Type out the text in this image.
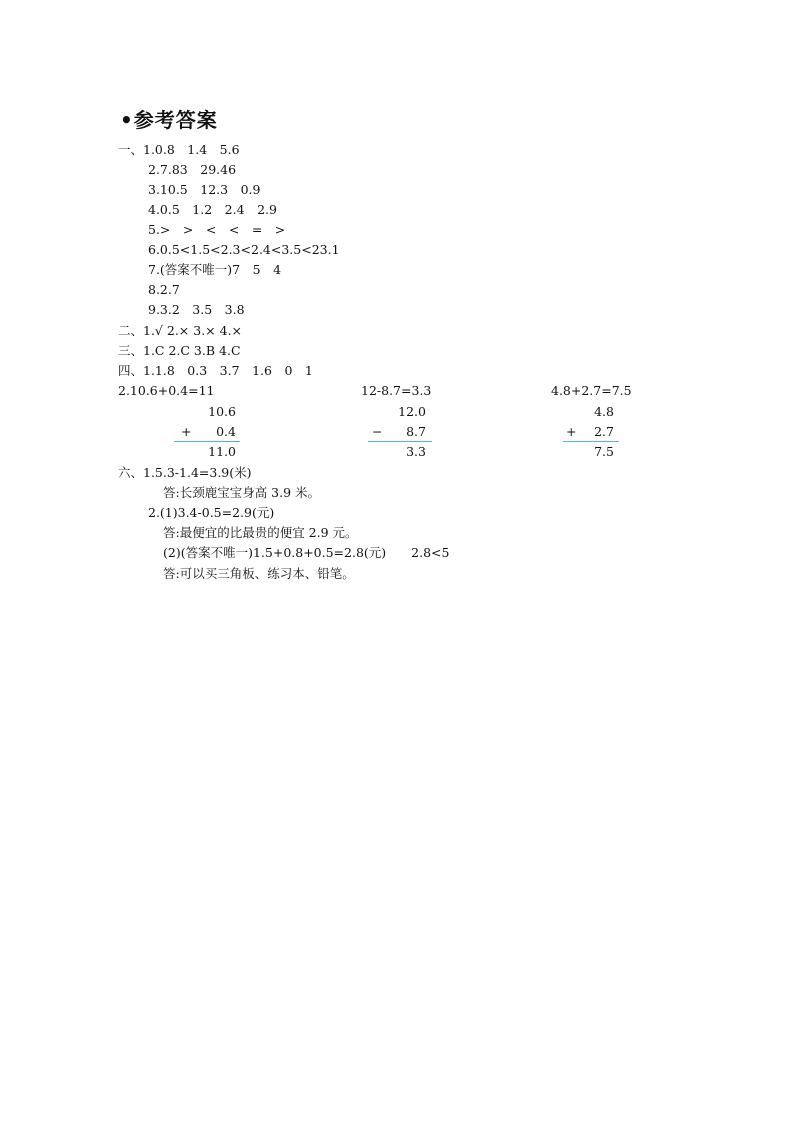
•参考答案
一、1.0.8　1.4　5.6
2.7.83　29.46
3.10.5　12.3　0.9
4.0.5　1.2　2.4　2.9
5.>　>　<　<　=　>
6.0.5<1.5<2.3<2.4<3.5<23.1
7.(答案不唯一)7　5　4
8.2.7
9.3.2　3.5　3.8
二、1.√ 2.× 3.× 4.×
三、1.C 2.C 3.B 4.C
四、1.1.8　0.3　3.7　1.6　0　1
2.10.6+0.4=11
10.6
+	0.4
11.0
12-8.7=3.3
12.0
−	8.7
3.3
4.8+2.7=7.5
4.8
+	2.7
7.5
六、1.5.3-1.4=3.9(米)
答:长颈鹿宝宝身高 3.9 米。
2.(1)3.4-0.5=2.9(元)
答:最便宜的比最贵的便宜 2.9 元。
(2)(答案不唯一)1.5+0.8+0.5=2.8(元)　　2.8<5
答:可以买三角板、练习本、铅笔。
